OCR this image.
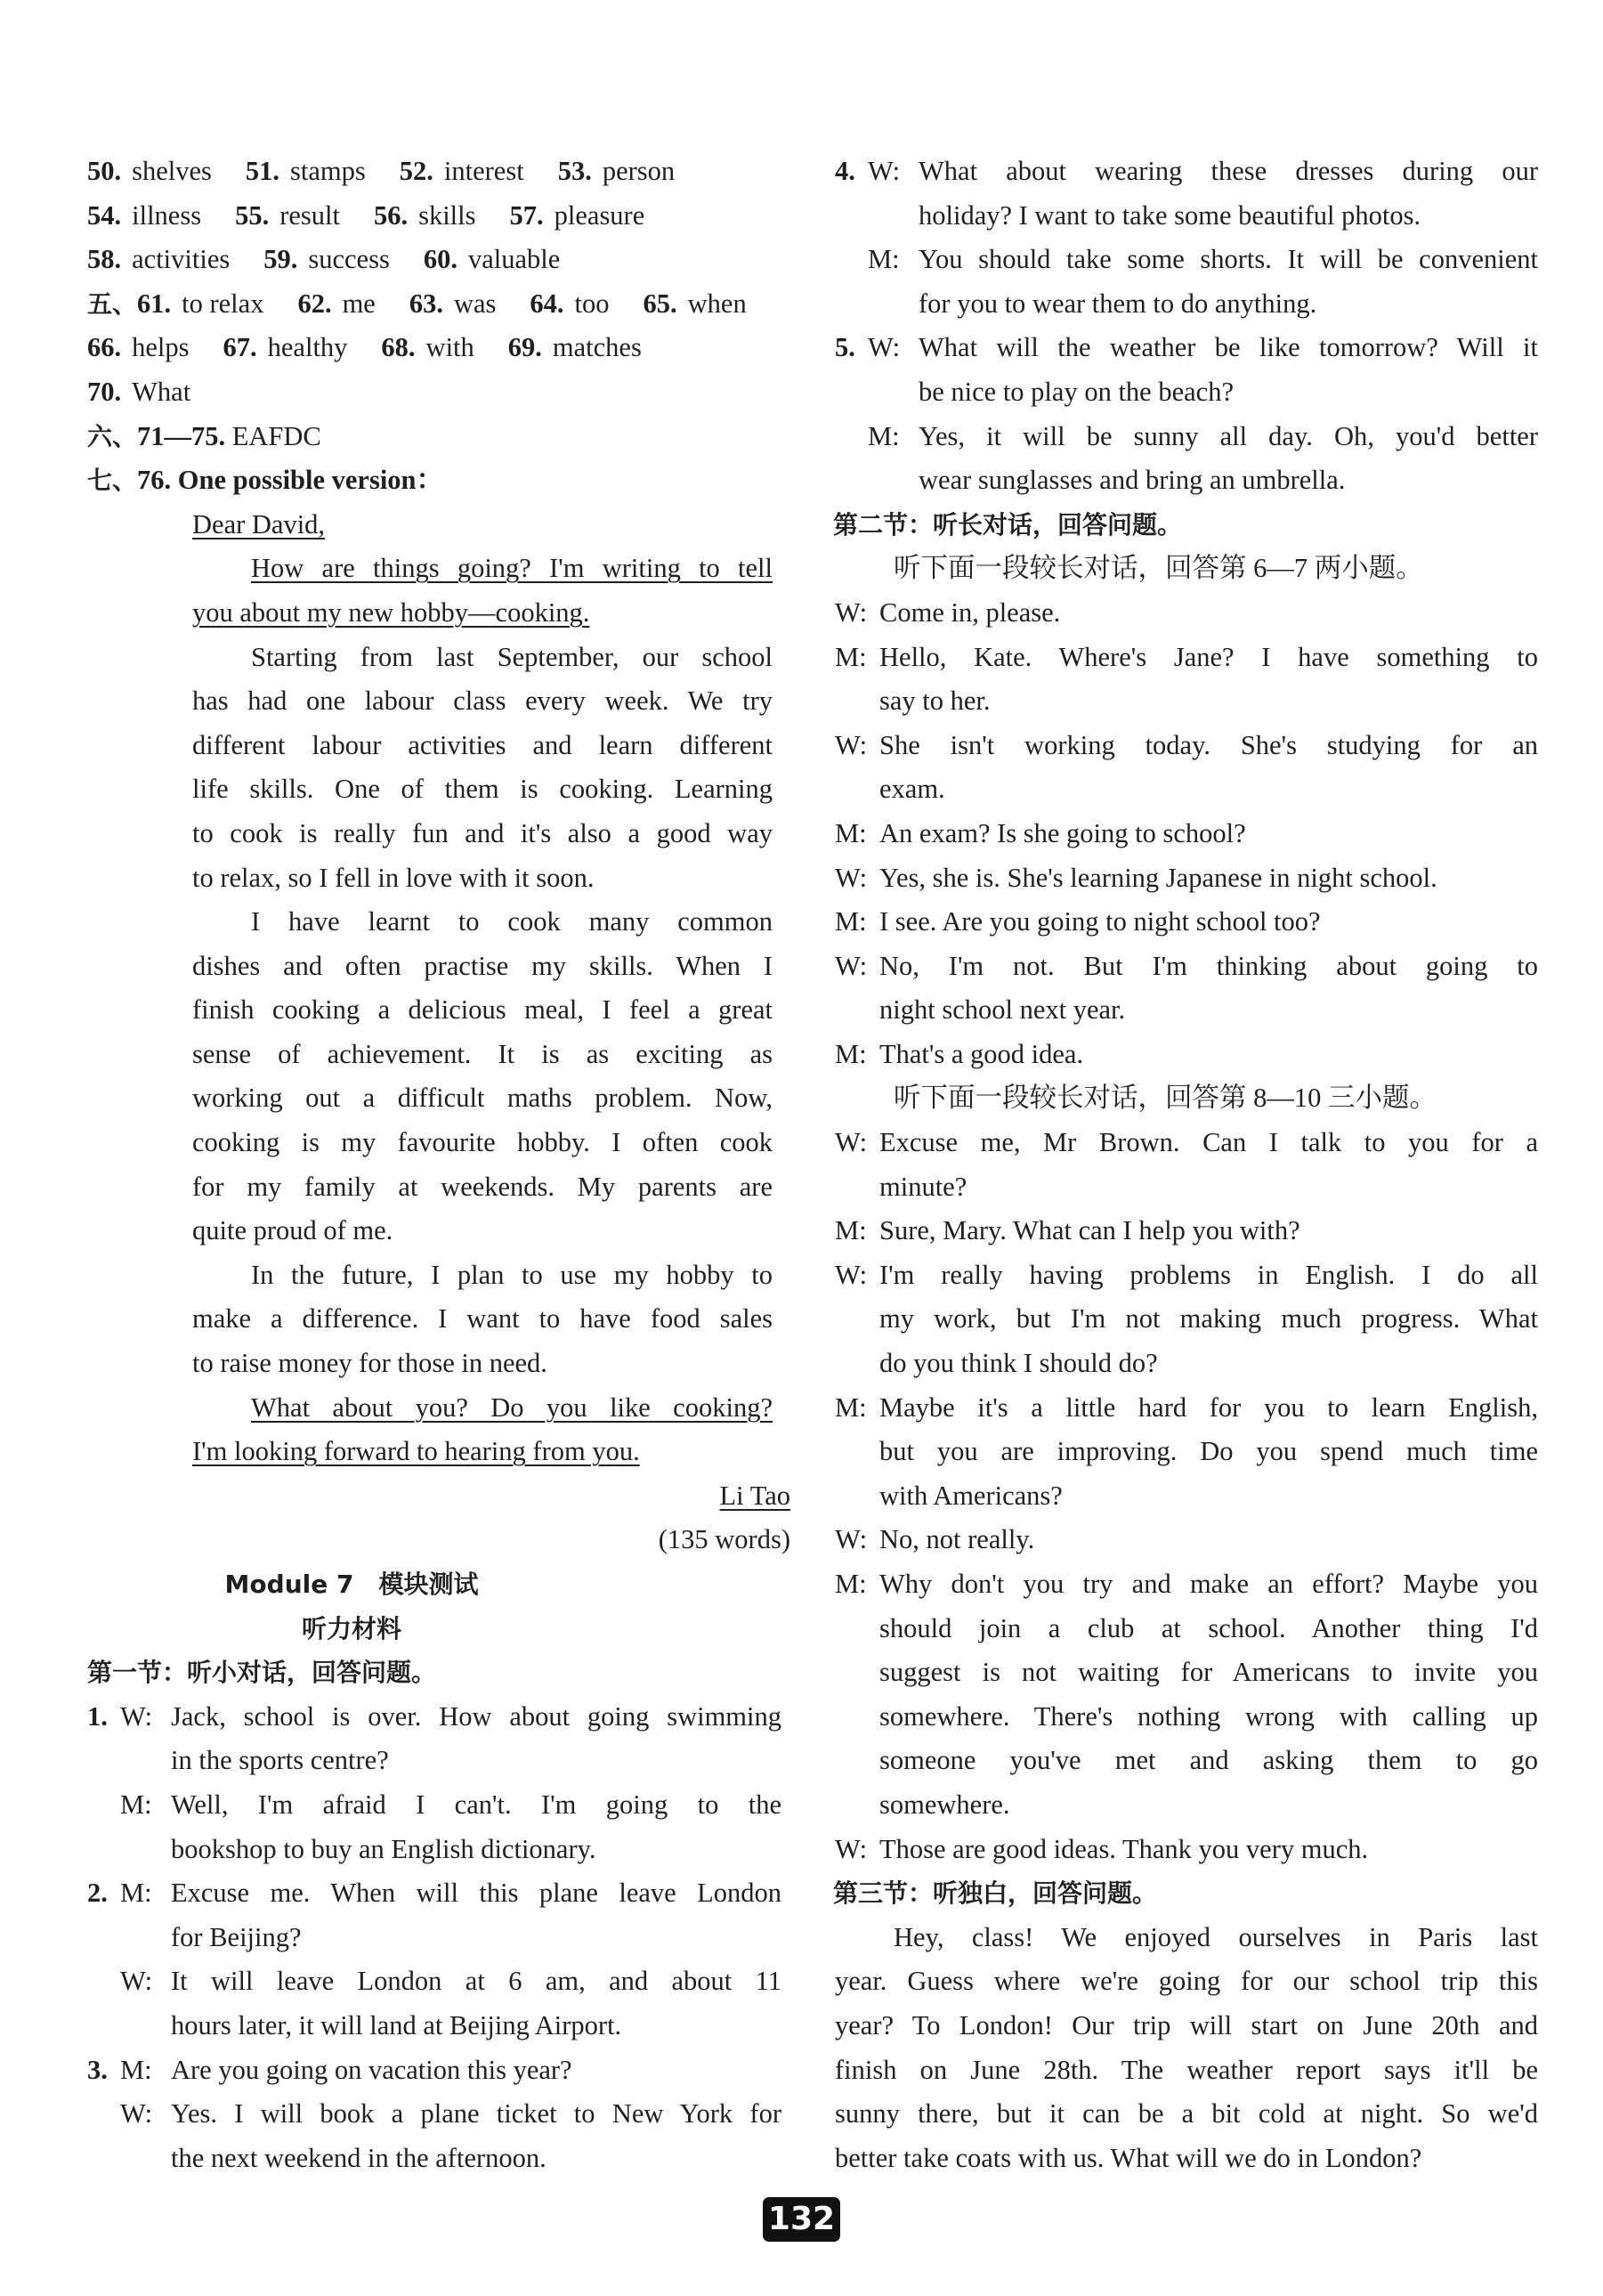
50. shelves 51. stamps 52. interest 53. person
54. illness 55. result 56. skills 57. pleasure
58. activities 59. success 60. valuable
五、61. to relax 62. me 63. was 64. too 65. when
66. helps 67. healthy 68. with 69. matches
70. What
六、71—75. EAFDC
七、76. One possible version：
Dear David,
How are things going? I'm writing to tell
you about my new hobby—cooking.
Starting from last September, our school
has had one labour class every week. We try
different labour activities and learn different
life skills. One of them is cooking. Learning
to cook is really fun and it's also a good way
to relax, so I fell in love with it soon.
I have learnt to cook many common
dishes and often practise my skills. When I
finish cooking a delicious meal, I feel a great
sense of achievement. It is as exciting as
working out a difficult maths problem. Now,
cooking is my favourite hobby. I often cook
for my family at weekends. My parents are
quite proud of me.
In the future, I plan to use my hobby to
make a difference. I want to have food sales
to raise money for those in need.
What about you? Do you like cooking?
I'm looking forward to hearing from you.
Li Tao
(135 words)
Module 7　模块测试
听力材料
第一节：听小对话，回答问题。
1. W: Jack, school is over. How about going swimming
in the sports centre?
M: Well, I'm afraid I can't. I'm going to the
bookshop to buy an English dictionary.
2. M: Excuse me. When will this plane leave London
for Beijing?
W: It will leave London at 6 am, and about 11
hours later, it will land at Beijing Airport.
3. M: Are you going on vacation this year?
W: Yes. I will book a plane ticket to New York for
the next weekend in the afternoon.
4. W: What about wearing these dresses during our
holiday? I want to take some beautiful photos.
M: You should take some shorts. It will be convenient
for you to wear them to do anything.
5. W: What will the weather be like tomorrow? Will it
be nice to play on the beach?
M: Yes, it will be sunny all day. Oh, you'd better
wear sunglasses and bring an umbrella.
第二节：听长对话，回答问题。
听下面一段较长对话，回答第 6—7 两小题。
W: Come in, please.
M: Hello, Kate. Where's Jane? I have something to
say to her.
W: She isn't working today. She's studying for an
exam.
M: An exam? Is she going to school?
W: Yes, she is. She's learning Japanese in night school.
M: I see. Are you going to night school too?
W: No, I'm not. But I'm thinking about going to
night school next year.
M: That's a good idea.
听下面一段较长对话，回答第 8—10 三小题。
W: Excuse me, Mr Brown. Can I talk to you for a
minute?
M: Sure, Mary. What can I help you with?
W: I'm really having problems in English. I do all
my work, but I'm not making much progress. What
do you think I should do?
M: Maybe it's a little hard for you to learn English,
but you are improving. Do you spend much time
with Americans?
W: No, not really.
M: Why don't you try and make an effort? Maybe you
should join a club at school. Another thing I'd
suggest is not waiting for Americans to invite you
somewhere. There's nothing wrong with calling up
someone you've met and asking them to go
somewhere.
W: Those are good ideas. Thank you very much.
第三节：听独白，回答问题。
Hey, class! We enjoyed ourselves in Paris last
year. Guess where we're going for our school trip this
year? To London! Our trip will start on June 20th and
finish on June 28th. The weather report says it'll be
sunny there, but it can be a bit cold at night. So we'd
better take coats with us. What will we do in London?
132
